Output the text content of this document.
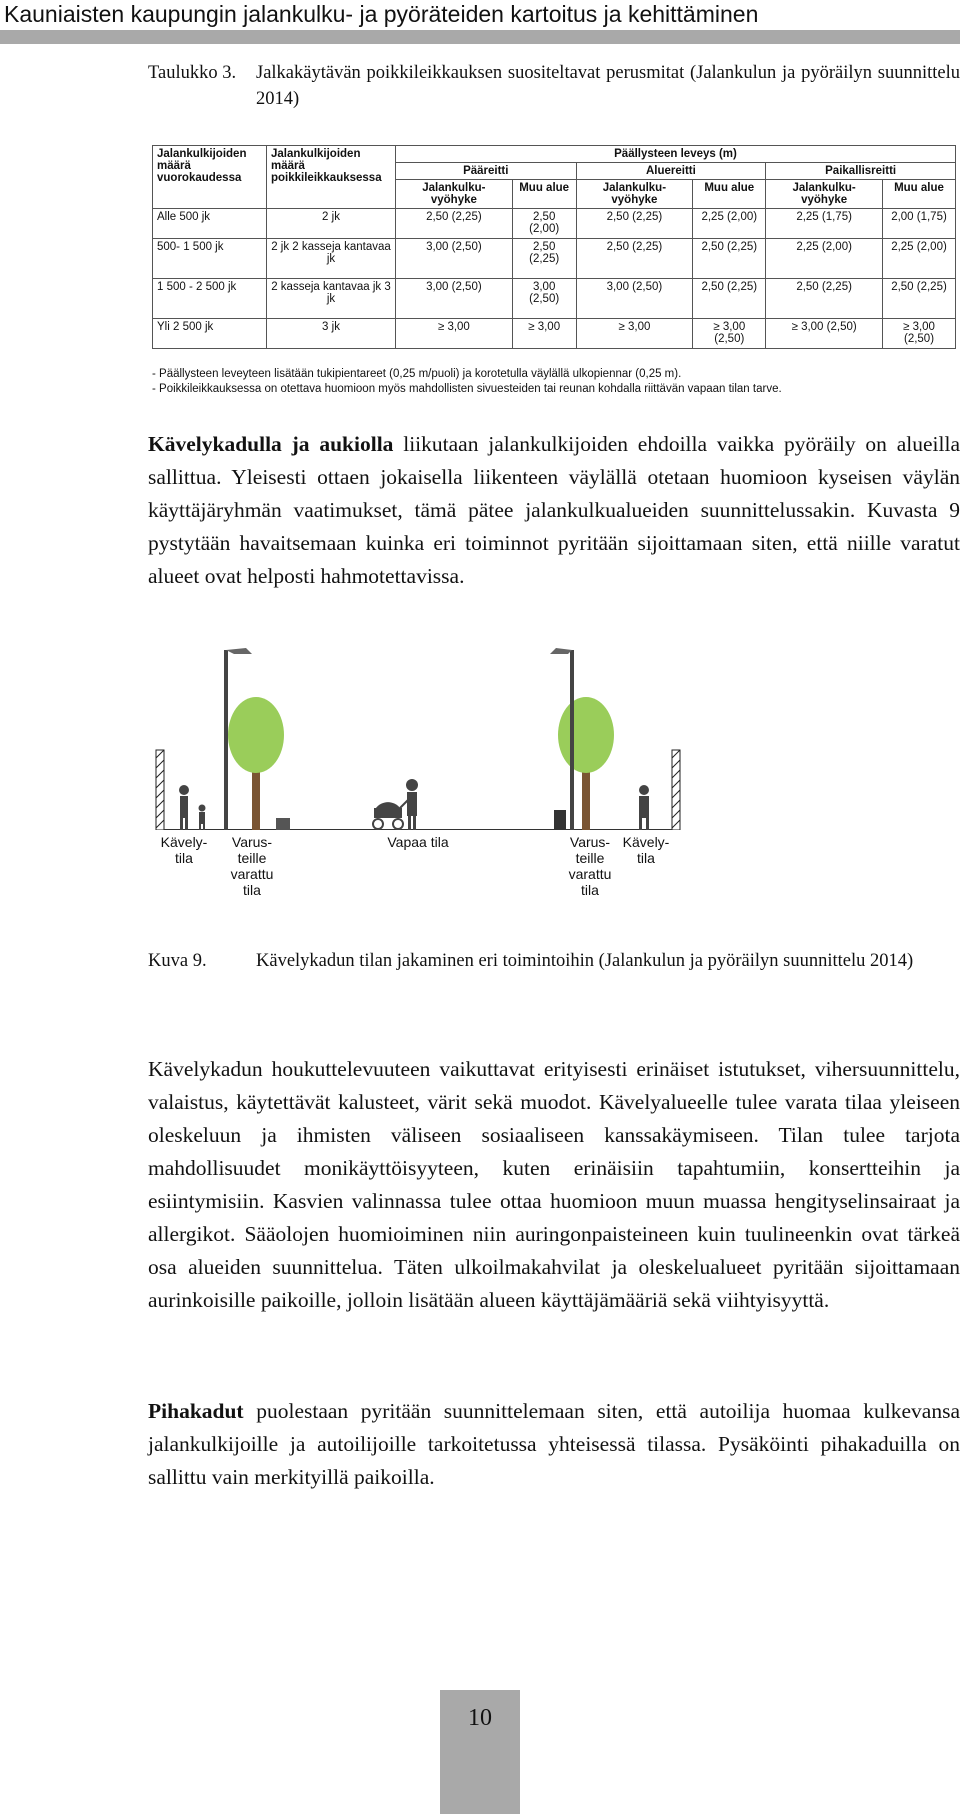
Kauniaisten kaupungin jalankulku- ja pyöräteiden kartoitus ja kehittäminen
Taulukko 3. Jalkakäytävän poikkileikkauksen suositeltavat perusmitat (Jalankulun ja pyöräilyn suunnittelu 2014)
Jalankulkijoiden määrä vuorokaudessa	Jalankulkijoiden määrä poikkileikkauksessa	Päällysteen leveys (m)					
		Pääreitti		Aluereitti		Paikallisreitti	
		Jalankulku-vyöhyke	Muu alue	Jalankulku-vyöhyke	Muu alue	Jalankulku-vyöhyke	Muu alue
Alle 500 jk	2 jk	2,50 (2,25)	2,50 (2,00)	2,50 (2,25)	2,25 (2,00)	2,25 (1,75)	2,00 (1,75)
500- 1 500 jk	2 jk 2 kasseja kantavaa jk	3,00 (2,50)	2,50 (2,25)	2,50 (2,25)	2,50 (2,25)	2,25 (2,00)	2,25 (2,00)
1 500 - 2 500 jk	2 kasseja kantavaa jk 3 jk	3,00 (2,50)	3,00 (2,50)	3,00 (2,50)	2,50 (2,25)	2,50 (2,25)	2,50 (2,25)
Yli 2 500 jk	3 jk	≥ 3,00	≥ 3,00	≥ 3,00	≥ 3,00 (2,50)	≥ 3,00 (2,50)	≥ 3,00 (2,50)
- Päällysteen leveyteen lisätään tukipientareet (0,25 m/puoli) ja korotetulla väylällä ulkopiennar (0,25 m).
- Poikkileikkauksessa on otettava huomioon myös mahdollisten sivuesteiden tai reunan kohdalla riittävän vapaan tilan tarve.
Kävelykadulla ja aukiolla liikutaan jalankulkijoiden ehdoilla vaikka pyöräily on alueilla sallittua. Yleisesti ottaen jokaisella liikenteen väylällä otetaan huomioon kyseisen väylän käyttäjäryhmän vaatimukset, tämä pätee jalankulkualueiden suunnittelussakin. Kuvasta 9 pystytään havaitsemaan kuinka eri toiminnot pyritään sijoittamaan siten, että niille varatut alueet ovat helposti hahmotettavissa.
Kävely-
tila
Varus-
teille
varattu
tila
Vapaa tila	Varus-
teille
varattu
tila
Kävely-
tila
Kuva 9.	Kävelykadun tilan jakaminen eri toimintoihin (Jalankulun ja pyöräilyn suunnittelu 2014)
Kävelykadun houkuttelevuuteen vaikuttavat erityisesti erinäiset istutukset, vihersuunnittelu, valaistus, käytettävät kalusteet, värit sekä muodot. Kävelyalueelle tulee varata tilaa yleiseen oleskeluun ja ihmisten väliseen sosiaaliseen kanssakäymiseen. Tilan tulee tarjota mahdollisuudet monikäyttöisyyteen, kuten erinäisiin tapahtumiin, konsertteihin ja esiintymisiin. Kasvien valinnassa tulee ottaa huomioon muun muassa hengityselinsairaat ja allergikot. Sääolojen huomioiminen niin auringonpaisteineen kuin tuulineenkin ovat tärkeä osa alueiden suunnittelua. Täten ulkoilmakahvilat ja oleskelualueet pyritään sijoittamaan aurinkoisille paikoille, jolloin lisätään alueen käyttäjämääriä sekä viihtyisyyttä.
Pihakadut puolestaan pyritään suunnittelemaan siten, että autoilija huomaa kulkevansa jalankulkijoille ja autoilijoille tarkoitetussa yhteisessä tilassa. Pysäköinti pihakaduilla on sallittu vain merkityillä paikoilla.
10
